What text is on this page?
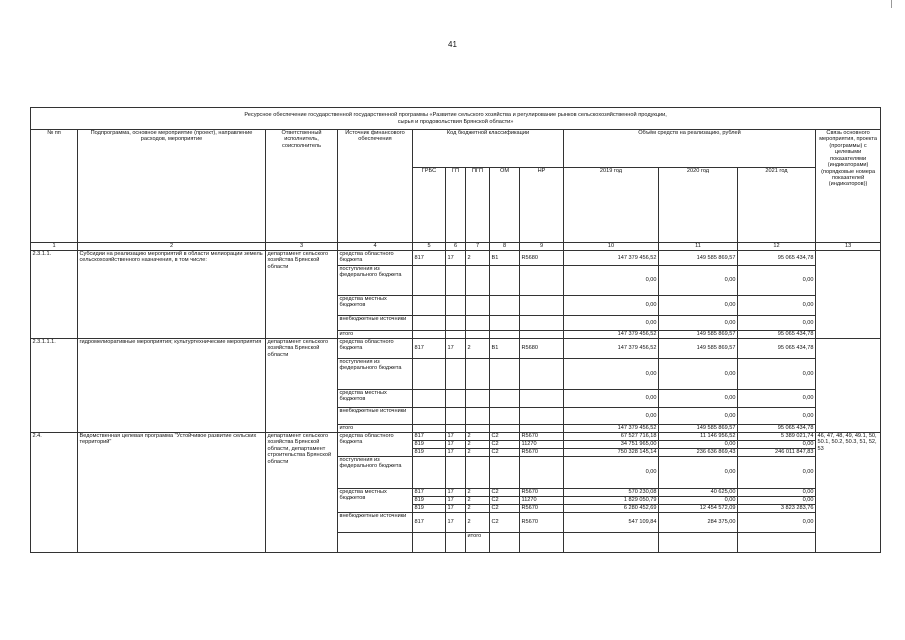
41
Ресурсное обеспечение государственной государственной программы «Развитие сельского хозяйства и регулирование рынков сельскохозяйственной продукции,
сырья и продовольствия Брянской области»													

№ пп	Подпрограмма, основное мероприятие (проект), направление расходов, мероприятие	Ответственный исполнитель, соисполнитель	Источник финансового обеспечения	Код бюджетной классификации					Объём средств на реализацию, рублей			Связь основного мероприятия, проекта (программы) с целевыми показателями (индикаторами) (порядковые номера показателей (индикаторов))	
				ГРБС	ГП	ПГП	ОМ	НР	2019 год	2020 год	2021 год		
1	2	3	4	5	6	7	8	9	10	11	12	13	
2.3.1.1.	Субсидии на реализацию мероприятий в области мелиорации земель сельскохозяйственного назначения, в том числе:	департамент сельского хозяйства Брянской области	средства областного бюджета	817	17	2	В1	R5680	147 379 456,52	149 585 869,57	95 065 434,78		
			поступления из федерального бюджета						0,00	0,00	0,00		
			средства местных бюджетов						0,00	0,00	0,00		
			внебюджетные источники						0,00	0,00	0,00		
			итого						147 379 456,52	149 585 869,57	95 065 434,78		
2.3.1.1.1.	гидромелиоративные мероприятия; культуртехнические мероприятия	департамент сельского хозяйства Брянской области	средства областного бюджета	817	17	2	В1	R5680	147 379 456,52	149 585 869,57	95 065 434,78		
			поступления из федерального бюджета						0,00	0,00	0,00		
			средства местных бюджетов						0,00	0,00	0,00		
			внебюджетные источники						0,00	0,00	0,00		
			итого						147 379 456,52	149 585 869,57	95 065 434,78		
2.4.	Ведомственная целевая программа "Устойчивое развитие сельских территорий"	департамент сельского хозяйства Брянской области, департамент строительства Брянской области	средства областного бюджета	817	17	2	С2	R5670	67 527 716,18	11 146 956,52	5 389 021,74	46, 47, 48, 49, 49.1, 50, 50.1, 50.2, 50.3, 51, 52, 53	
				819	17	2	С2	11270	34 751 965,00	0,00	0,00		
				819	17	2	С2	R5670	750 328 145,14	236 636 869,43	246 011 847,83		
			поступления из федерального бюджета						0,00	0,00	0,00		
			средства местных бюджетов	817	17	2	С2	R5670	570 230,08	40 625,00	0,00		
				819	17	2	С2	11270	1 829 050,79	0,00	0,00		
				819	17	2	С2	R5670	6 280 452,69	12 454 572,09	3 823 283,76		
			внебюджетные источники	817	17	2	С2	R5670	547 109,84	284 375,00	0,00		

						итого									
